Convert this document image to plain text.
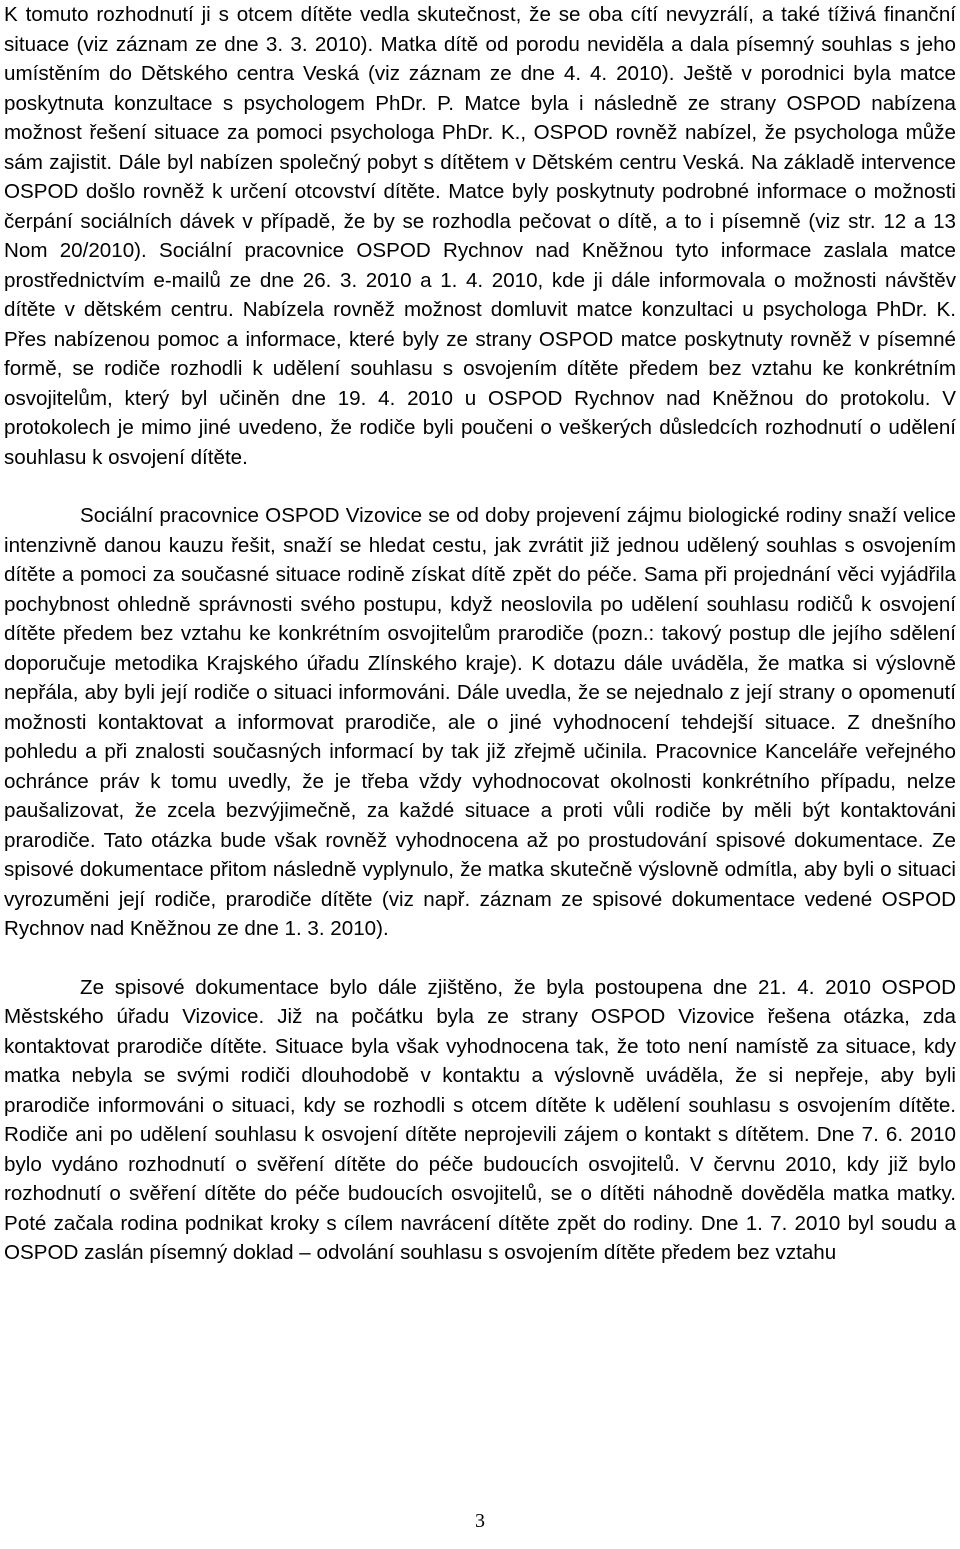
K tomuto rozhodnutí ji s otcem dítěte vedla skutečnost, že se oba cítí nevyzrálí, a také tíživá finanční situace (viz záznam ze dne 3. 3. 2010). Matka dítě od porodu neviděla a dala písemný souhlas s jeho umístěním do Dětského centra Veská (viz záznam ze dne 4. 4. 2010). Ještě v porodnici byla matce poskytnuta konzultace s psychologem PhDr. P. Matce byla i následně ze strany OSPOD nabízena možnost řešení situace za pomoci psychologa PhDr. K., OSPOD rovněž nabízel, že psychologa může sám zajistit. Dále byl nabízen společný pobyt s dítětem v Dětském centru Veská. Na základě intervence OSPOD došlo rovněž k určení otcovství dítěte. Matce byly poskytnuty podrobné informace o možnosti čerpání sociálních dávek v případě, že by se rozhodla pečovat o dítě, a to i písemně (viz str. 12 a 13 Nom 20/2010). Sociální pracovnice OSPOD Rychnov nad Kněžnou tyto informace zaslala matce prostřednictvím e-mailů ze dne 26. 3. 2010 a 1. 4. 2010, kde ji dále informovala o možnosti návštěv dítěte v dětském centru. Nabízela rovněž možnost domluvit matce konzultaci u psychologa PhDr. K. Přes nabízenou pomoc a informace, které byly ze strany OSPOD matce poskytnuty rovněž v písemné formě, se rodiče rozhodli k udělení souhlasu s osvojením dítěte předem bez vztahu ke konkrétním osvojitelům, který byl učiněn dne 19. 4. 2010 u OSPOD Rychnov nad Kněžnou do protokolu. V protokolech je mimo jiné uvedeno, že rodiče byli poučeni o veškerých důsledcích rozhodnutí o udělení souhlasu k osvojení dítěte.

Sociální pracovnice OSPOD Vizovice se od doby projevení zájmu biologické rodiny snaží velice intenzivně danou kauzu řešit, snaží se hledat cestu, jak zvrátit již jednou udělený souhlas s osvojením dítěte a pomoci za současné situace rodině získat dítě zpět do péče. Sama při projednání věci vyjádřila pochybnost ohledně správnosti svého postupu, když neoslovila po udělení souhlasu rodičů k osvojení dítěte předem bez vztahu ke konkrétním osvojitelům prarodiče (pozn.: takový postup dle jejího sdělení doporučuje metodika Krajského úřadu Zlínského kraje). K dotazu dále uváděla, že matka si výslovně nepřála, aby byli její rodiče o situaci informováni. Dále uvedla, že se nejednalo z její strany o opomenutí možnosti kontaktovat a informovat prarodiče, ale o jiné vyhodnocení tehdejší situace. Z dnešního pohledu a při znalosti současných informací by tak již zřejmě učinila. Pracovnice Kanceláře veřejného ochránce práv k tomu uvedly, že je třeba vždy vyhodnocovat okolnosti konkrétního případu, nelze paušalizovat, že zcela bezvýjimečně, za každé situace a proti vůli rodiče by měli být kontaktováni prarodiče. Tato otázka bude však rovněž vyhodnocena až po prostudování spisové dokumentace. Ze spisové dokumentace přitom následně vyplynulo, že matka skutečně výslovně odmítla, aby byli o situaci vyrozuměni její rodiče, prarodiče dítěte (viz např. záznam ze spisové dokumentace vedené OSPOD Rychnov nad Kněžnou ze dne 1. 3. 2010).

Ze spisové dokumentace bylo dále zjištěno, že byla postoupena dne 21. 4. 2010 OSPOD Městského úřadu Vizovice. Již na počátku byla ze strany OSPOD Vizovice řešena otázka, zda kontaktovat prarodiče dítěte. Situace byla však vyhodnocena tak, že toto není namístě za situace, kdy matka nebyla se svými rodiči dlouhodobě v kontaktu a výslovně uváděla, že si nepřeje, aby byli prarodiče informováni o situaci, kdy se rozhodli s otcem dítěte k udělení souhlasu s osvojením dítěte. Rodiče ani po udělení souhlasu k osvojení dítěte neprojevili zájem o kontakt s dítětem. Dne 7. 6. 2010 bylo vydáno rozhodnutí o svěření dítěte do péče budoucích osvojitelů. V červnu 2010, kdy již bylo rozhodnutí o svěření dítěte do péče budoucích osvojitelů, se o dítěti náhodně dověděla matka matky. Poté začala rodina podnikat kroky s cílem navrácení dítěte zpět do rodiny. Dne 1. 7. 2010 byl soudu a OSPOD zaslán písemný doklad – odvolání souhlasu s osvojením dítěte předem bez vztahu

3
